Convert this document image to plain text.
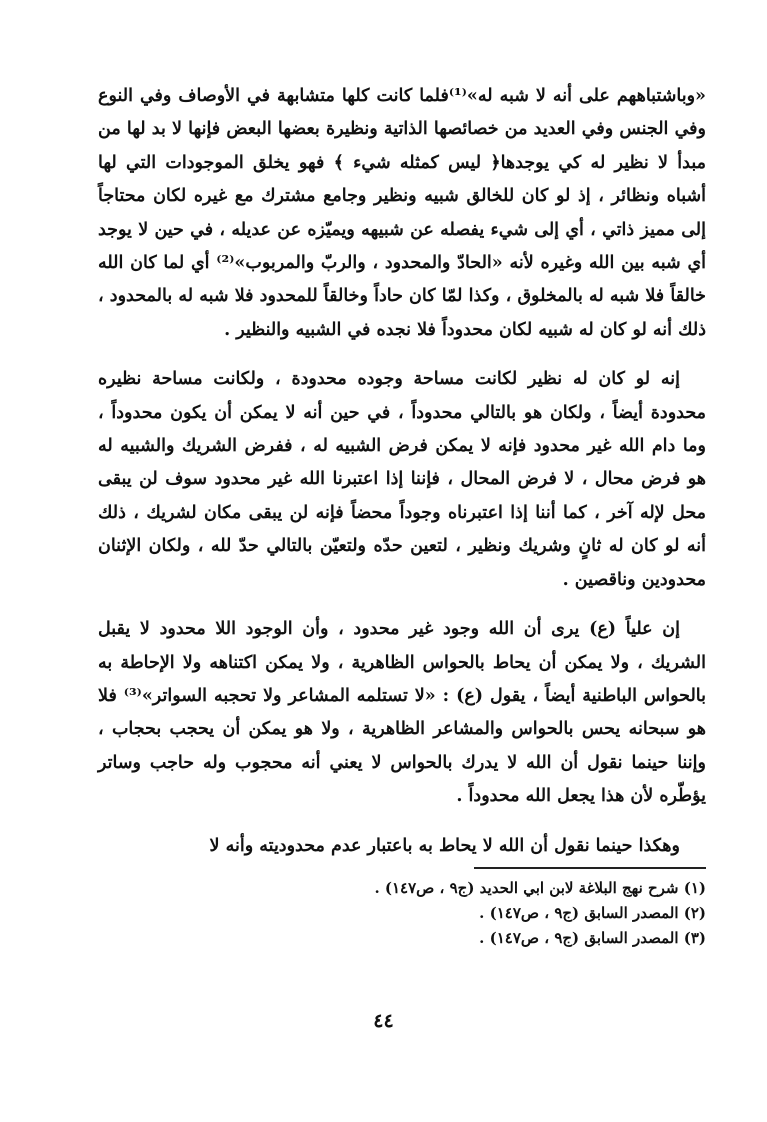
«وباشتباههم على أنه لا شبه له»⁽¹⁾فلما كانت كلها متشابهة في الأوصاف وفي النوع وفي الجنس وفي العديد من خصائصها الذاتية ونظيرة بعضها البعض فإنها لا بد لها من مبدأ لا نظير له كي يوجدها﴿ ليس كمثله شيء ﴾ فهو يخلق الموجودات التي لها أشباه ونظائر ، إذ لو كان للخالق شبيه ونظير وجامع مشترك مع غيره لكان محتاجاً إلى مميز ذاتي ، أي إلى شيء يفصله عن شبيهه ويميّزه عن عديله ، في حين لا يوجد أي شبه بين الله وغيره لأنه «الحادّ والمحدود ، والربّ والمربوب»⁽²⁾ أي لما كان الله خالقاً فلا شبه له بالمخلوق ، وكذا لمّا كان حاداً وخالقاً للمحدود فلا شبه له بالمحدود ، ذلك أنه لو كان له شبيه لكان محدوداً فلا نجده في الشبيه والنظير .

إنه لو كان له نظير لكانت مساحة وجوده محدودة ، ولكانت مساحة نظيره محدودة أيضاً ، ولكان هو بالتالي محدوداً ، في حين أنه لا يمكن أن يكون محدوداً ، وما دام الله غير محدود فإنه لا يمكن فرض الشبيه له ، ففرض الشريك والشبيه له هو فرض محال ، لا فرض المحال ، فإننا إذا اعتبرنا الله غير محدود سوف لن يبقى محل لإله آخر ، كما أننا إذا اعتبرناه وجوداً محضاً فإنه لن يبقى مكان لشريك ، ذلك أنه لو كان له ثانٍ وشريك ونظير ، لتعين حدّه ولتعيّن بالتالي حدّ لله ، ولكان الإثنان محدودين وناقصين .

إن علياً (ع) يرى أن الله وجود غير محدود ، وأن الوجود اللا محدود لا يقبل الشريك ، ولا يمكن أن يحاط بالحواس الظاهرية ، ولا يمكن اكتناهه ولا الإحاطة به بالحواس الباطنية أيضاً ، يقول (ع) : «لا تستلمه المشاعر ولا تحجبه السواتر»⁽³⁾ فلا هو سبحانه يحس بالحواس والمشاعر الظاهرية ، ولا هو يمكن أن يحجب بحجاب ، وإننا حينما نقول أن الله لا يدرك بالحواس لا يعني أنه محجوب وله حاجب وساتر يؤطّره لأن هذا يجعل الله محدوداً .

وهكذا حينما نقول أن الله لا يحاط به باعتبار عدم محدوديته وأنه لا

(١) شرح نهج البلاغة لابن ابي الحديد (ج٩ ، ص١٤٧) .
(٢) المصدر السابق (ج٩ ، ص١٤٧) .
(٣) المصدر السابق (ج٩ ، ص١٤٧) .
٤٤
